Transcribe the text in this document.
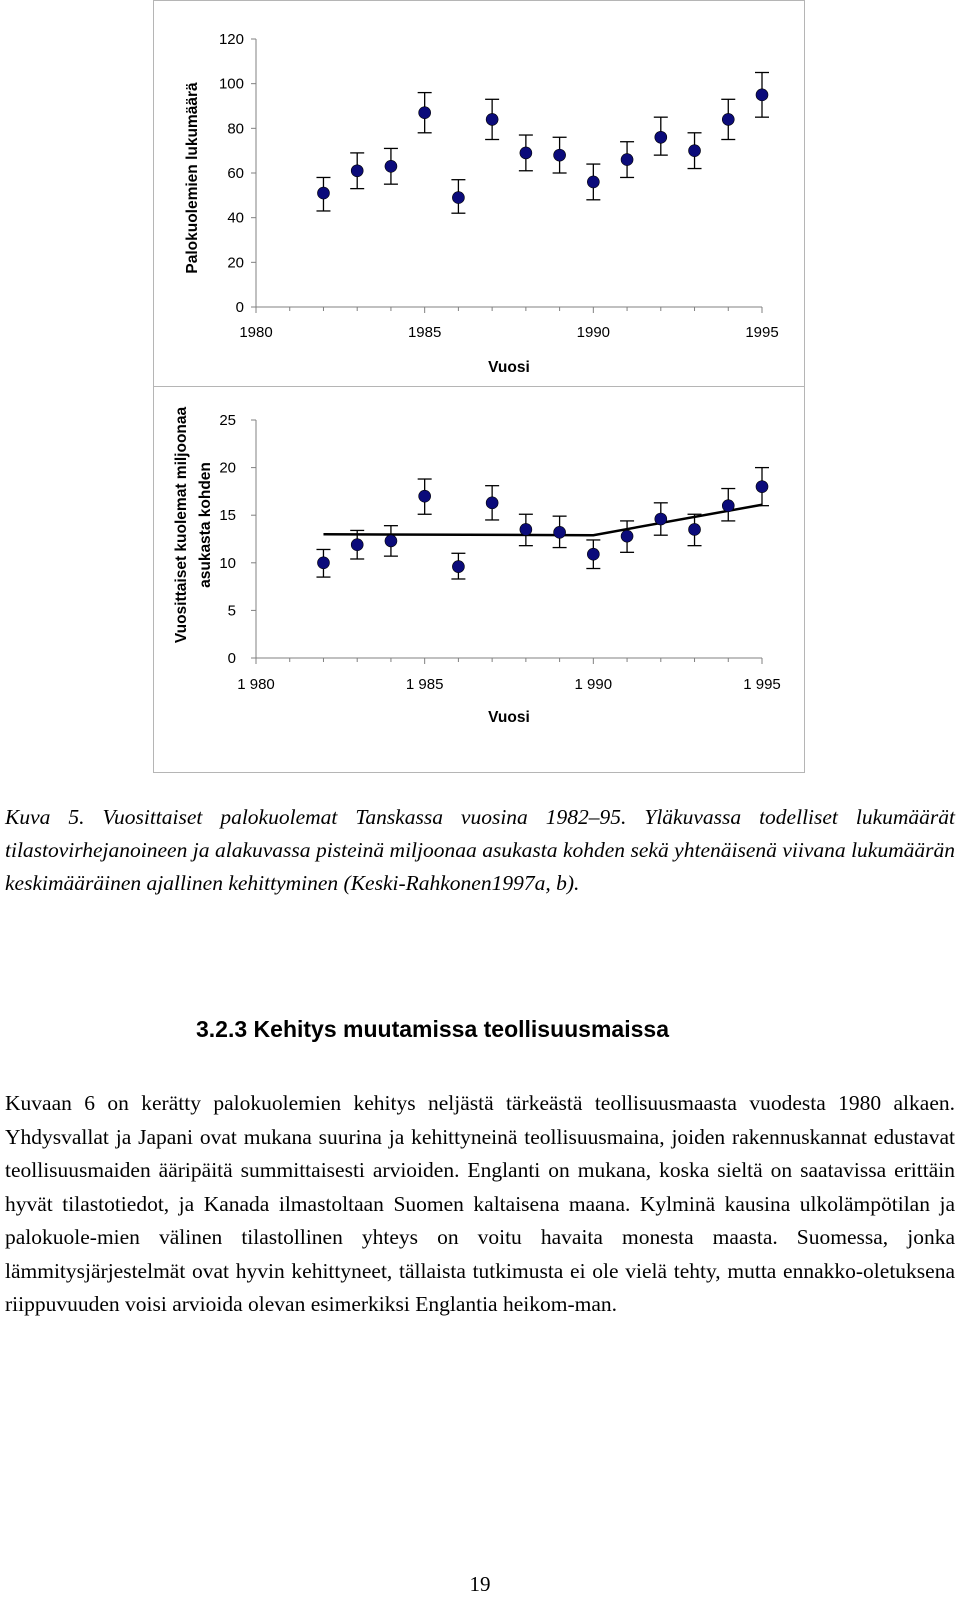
0
20
40
60
80
100
120
1980	1985	1990	1995
Vuosi
Palokuolemien lukumäärä
0
5
10
15
20
25
1 980	1 985	1 990	1 995
Vuosi
Vuosittaiset kuolemat miljoonaa asukasta kohden
Kuva 5. Vuosittaiset palokuolemat Tanskassa vuosina 1982–95. Yläkuvassa todelliset lukumäärät tilastovirhejanoineen ja alakuvassa pisteinä miljoonaa asukasta kohden sekä yhtenäisenä viivana lukumäärän keskimääräinen ajallinen kehittyminen (Keski-Rahkonen1997a, b).
3.2.3 Kehitys muutamissa teollisuusmaissa
Kuvaan 6 on kerätty palokuolemien kehitys neljästä tärkeästä teollisuusmaasta vuodesta 1980 alkaen. Yhdysvallat ja Japani ovat mukana suurina ja kehittyneinä teollisuusmaina, joiden rakennuskannat edustavat teollisuusmaiden ääripäitä summittaisesti arvioiden. Englanti on mukana, koska sieltä on saatavissa erittäin hyvät tilastotiedot, ja Kanada ilmastoltaan Suomen kaltaisena maana. Kylminä kausina ulkolämpötilan ja palokuole-mien välinen tilastollinen yhteys on voitu havaita monesta maasta. Suomessa, jonka lämmitysjärjestelmät ovat hyvin kehittyneet, tällaista tutkimusta ei ole vielä tehty, mutta ennakko-oletuksena riippuvuuden voisi arvioida olevan esimerkiksi Englantia heikom-man.
19
